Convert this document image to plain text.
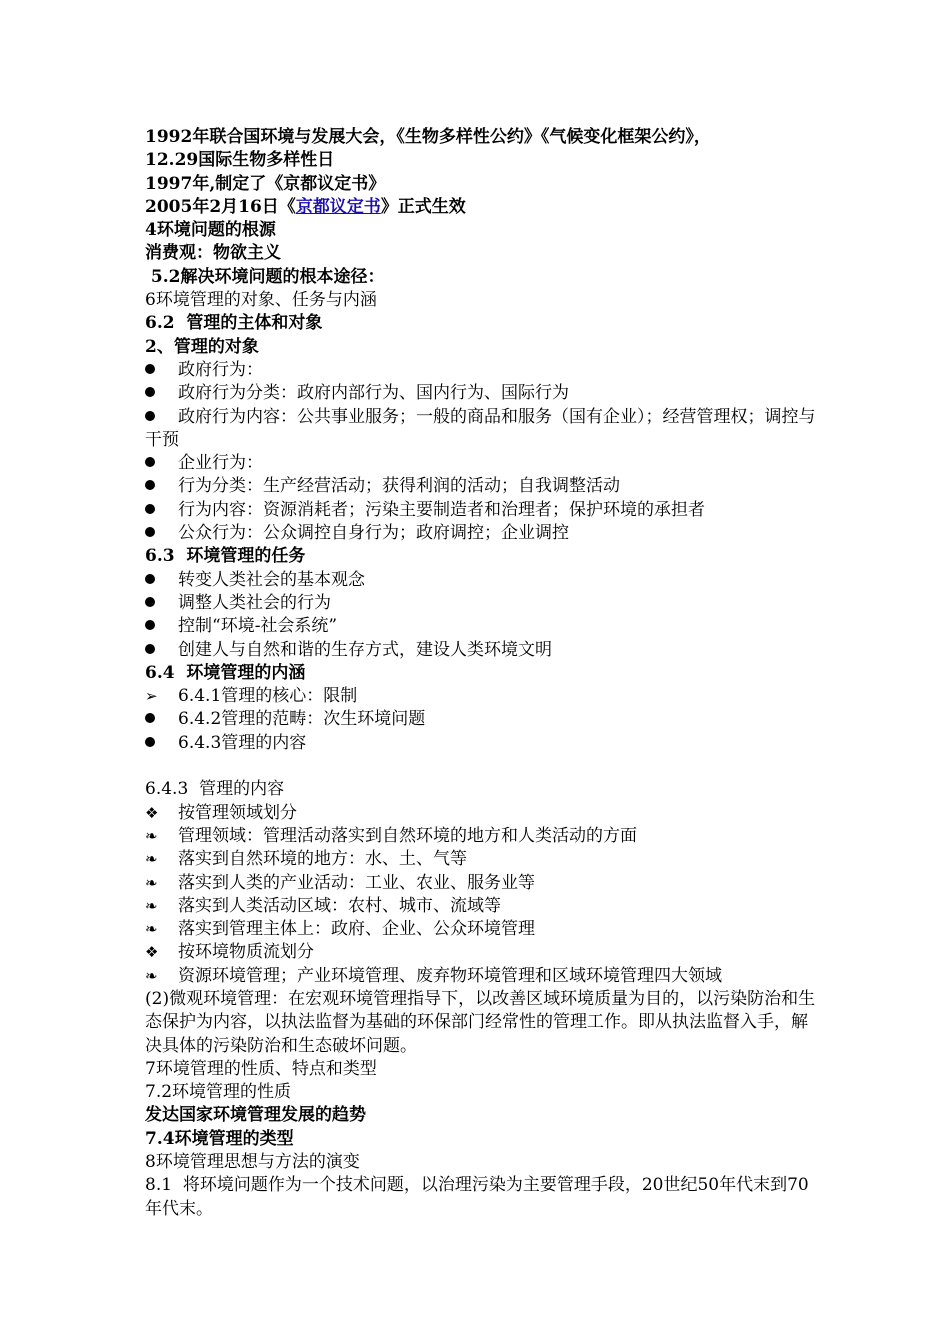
1992年联合国环境与发展大会，《生物多样性公约》《气候变化框架公约》，
12.29国际生物多样性日
1997年,制定了《京都议定书》
2005年2月16日《京都议定书》正式生效
4环境问题的根源
消费观：物欲主义
5.2解决环境问题的根本途径：
6环境管理的对象、任务与内涵
6.2  管理的主体和对象
2、管理的对象
政府行为：
政府行为分类：政府内部行为、国内行为、国际行为
政府行为内容：公共事业服务；一般的商品和服务（国有企业）；经营管理权；调控与干预
企业行为：
行为分类：生产经营活动；获得利润的活动；自我调整活动
行为内容：资源消耗者；污染主要制造者和治理者；保护环境的承担者
公众行为：公众调控自身行为；政府调控；企业调控
6.3  环境管理的任务
转变人类社会的基本观念
调整人类社会的行为
控制“环境-社会系统”
创建人与自然和谐的生存方式，建设人类环境文明
6.4  环境管理的内涵
➢	6.4.1管理的核心：限制
6.4.2管理的范畴：次生环境问题
6.4.3管理的内容
6.4.3  管理的内容
❖	按管理领域划分
❧	管理领域：管理活动落实到自然环境的地方和人类活动的方面
❧	落实到自然环境的地方：水、土、气等
❧	落实到人类的产业活动：工业、农业、服务业等
❧	落实到人类活动区域：农村、城市、流域等
❧	落实到管理主体上：政府、企业、公众环境管理
❖	按环境物质流划分
❧	资源环境管理；产业环境管理、废弃物环境管理和区域环境管理四大领域
(2)微观环境管理：在宏观环境管理指导下，以改善区域环境质量为目的，以污染防治和生态保护为内容，以执法监督为基础的环保部门经常性的管理工作。即从执法监督入手，解决具体的污染防治和生态破坏问题。
7环境管理的性质、特点和类型
7.2环境管理的性质
发达国家环境管理发展的趋势
7.4环境管理的类型
8环境管理思想与方法的演变
8.1  将环境问题作为一个技术问题，以治理污染为主要管理手段，20世纪50年代末到70年代末。
